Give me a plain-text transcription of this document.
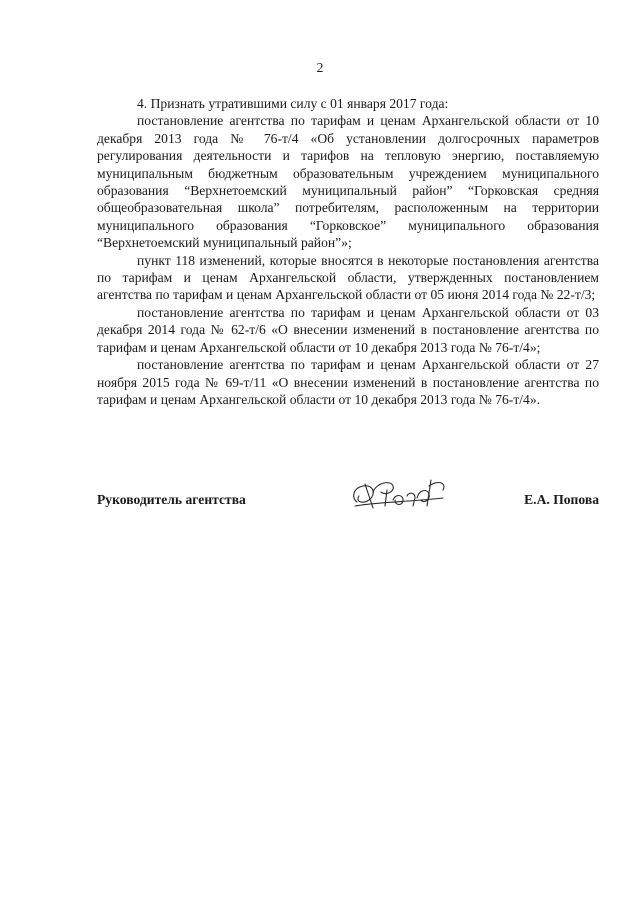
2

4. Признать утратившими силу с 01 января 2017 года:

постановление агентства по тарифам и ценам Архангельской области от 10 декабря 2013 года № 76-т/4 «Об установлении долгосрочных параметров регулирования деятельности и тарифов на тепловую энергию, поставляемую муниципальным бюджетным образовательным учреждением муниципального образования “Верхнетоемский муниципальный район” “Горковская средняя общеобразовательная школа” потребителям, расположенным на территории муниципального образования “Горковское” муниципального образования “Верхнетоемский муниципальный район”»;

пункт 118 изменений, которые вносятся в некоторые постановления агентства по тарифам и ценам Архангельской области, утвержденных постановлением агентства по тарифам и ценам Архангельской области от 05 июня 2014 года № 22-т/3;

постановление агентства по тарифам и ценам Архангельской области от 03 декабря 2014 года № 62-т/6 «О внесении изменений в постановление агентства по тарифам и ценам Архангельской области от 10 декабря 2013 года № 76-т/4»;

постановление агентства по тарифам и ценам Архангельской области от 27 ноября 2015 года № 69-т/11 «О внесении изменений в постановление агентства по тарифам и ценам Архангельской области от 10 декабря 2013 года № 76-т/4».

Руководитель агентства	Е.А. Попова
